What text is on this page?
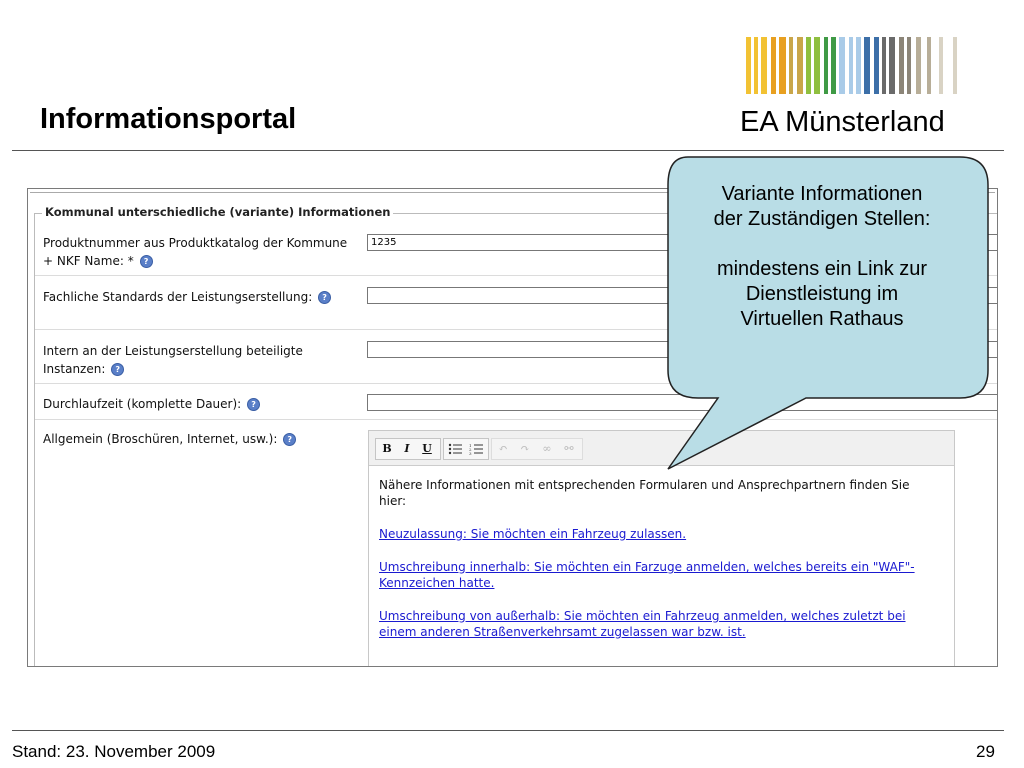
Informationsportal	EA Münsterland
Kommunal unterschiedliche (variante) Informationen
Produktnummer aus Produktkatalog der Kommune + NKF Name: * ?
1235
Fachliche Standards der Leistungserstellung: ?
Intern an der Leistungserstellung beteiligte Instanzen: ?
Durchlaufzeit (komplette Dauer): ?
Allgemein (Broschüren, Internet, usw.): ?
B	I	U	1
2
3	↶	↷	∞	⚯

Nähere Informationen mit entsprechenden Formularen und Ansprechpartnern finden Sie hier:

Neuzulassung: Sie möchten ein Fahrzeug zulassen.

Umschreibung innerhalb: Sie möchten ein Farzuge anmelden, welches bereits ein "WAF"-Kennzeichen hatte.

Umschreibung von außerhalb: Sie möchten ein Fahrzeug anmelden, welches zuletzt bei einem anderen Straßenverkehrsamt zugelassen war bzw. ist.

Variante Informationen
der Zuständigen Stellen:
mindestens ein Link zur
Dienstleistung im
Virtuellen Rathaus
Stand: 23. November 2009	29
